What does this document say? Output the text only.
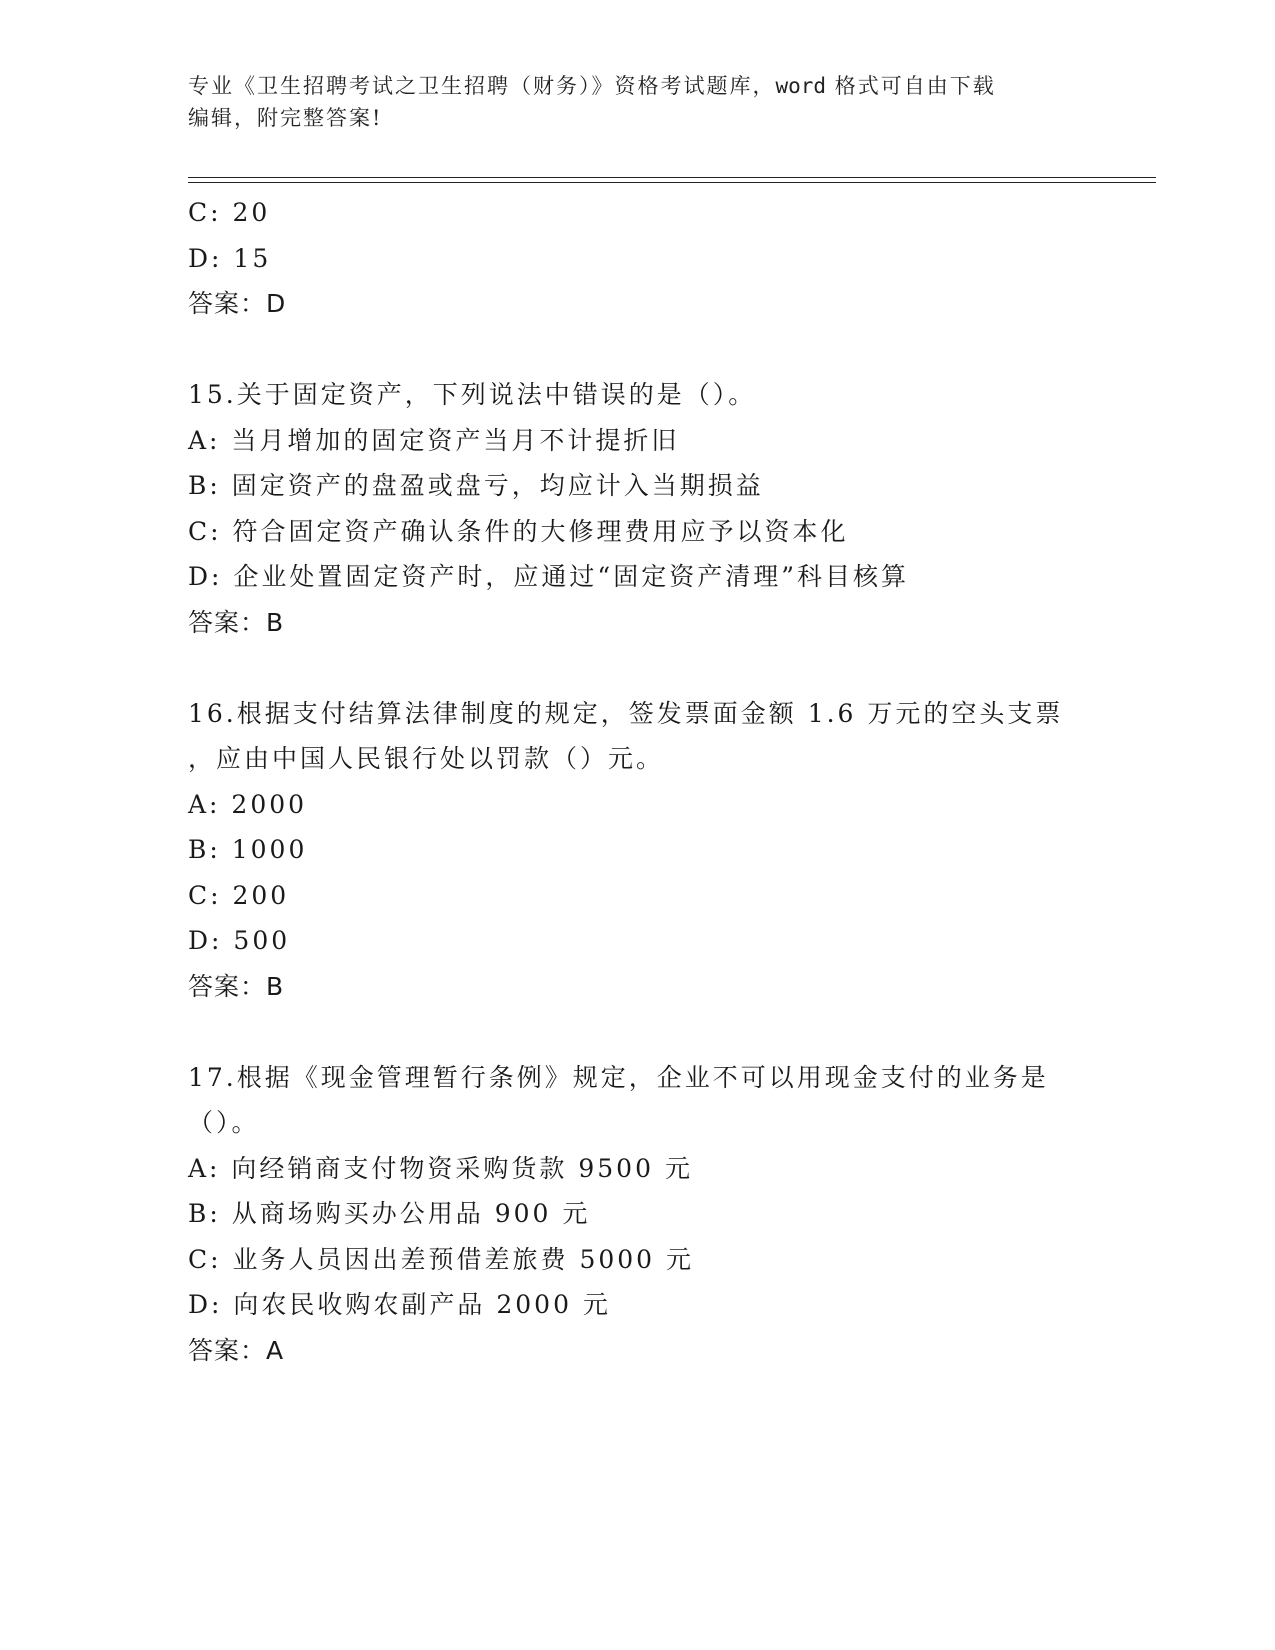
专业《卫生招聘考试之卫生招聘（财务）》资格考试题库，word 格式可自由下载
编辑，附完整答案!
C: 20
D: 15
答案：D
15.关于固定资产，下列说法中错误的是（）。
A: 当月增加的固定资产当月不计提折旧
B: 固定资产的盘盈或盘亏，均应计入当期损益
C: 符合固定资产确认条件的大修理费用应予以资本化
D: 企业处置固定资产时，应通过“固定资产清理”科目核算
答案：B
16.根据支付结算法律制度的规定，签发票面金额 1.6 万元的空头支票
，应由中国人民银行处以罚款（）元。
A: 2000
B: 1000
C: 200
D: 500
答案：B
17.根据《现金管理暂行条例》规定，企业不可以用现金支付的业务是
（）。
A: 向经销商支付物资采购货款 9500 元
B: 从商场购买办公用品 900 元
C: 业务人员因出差预借差旅费 5000 元
D: 向农民收购农副产品 2000 元
答案：A
